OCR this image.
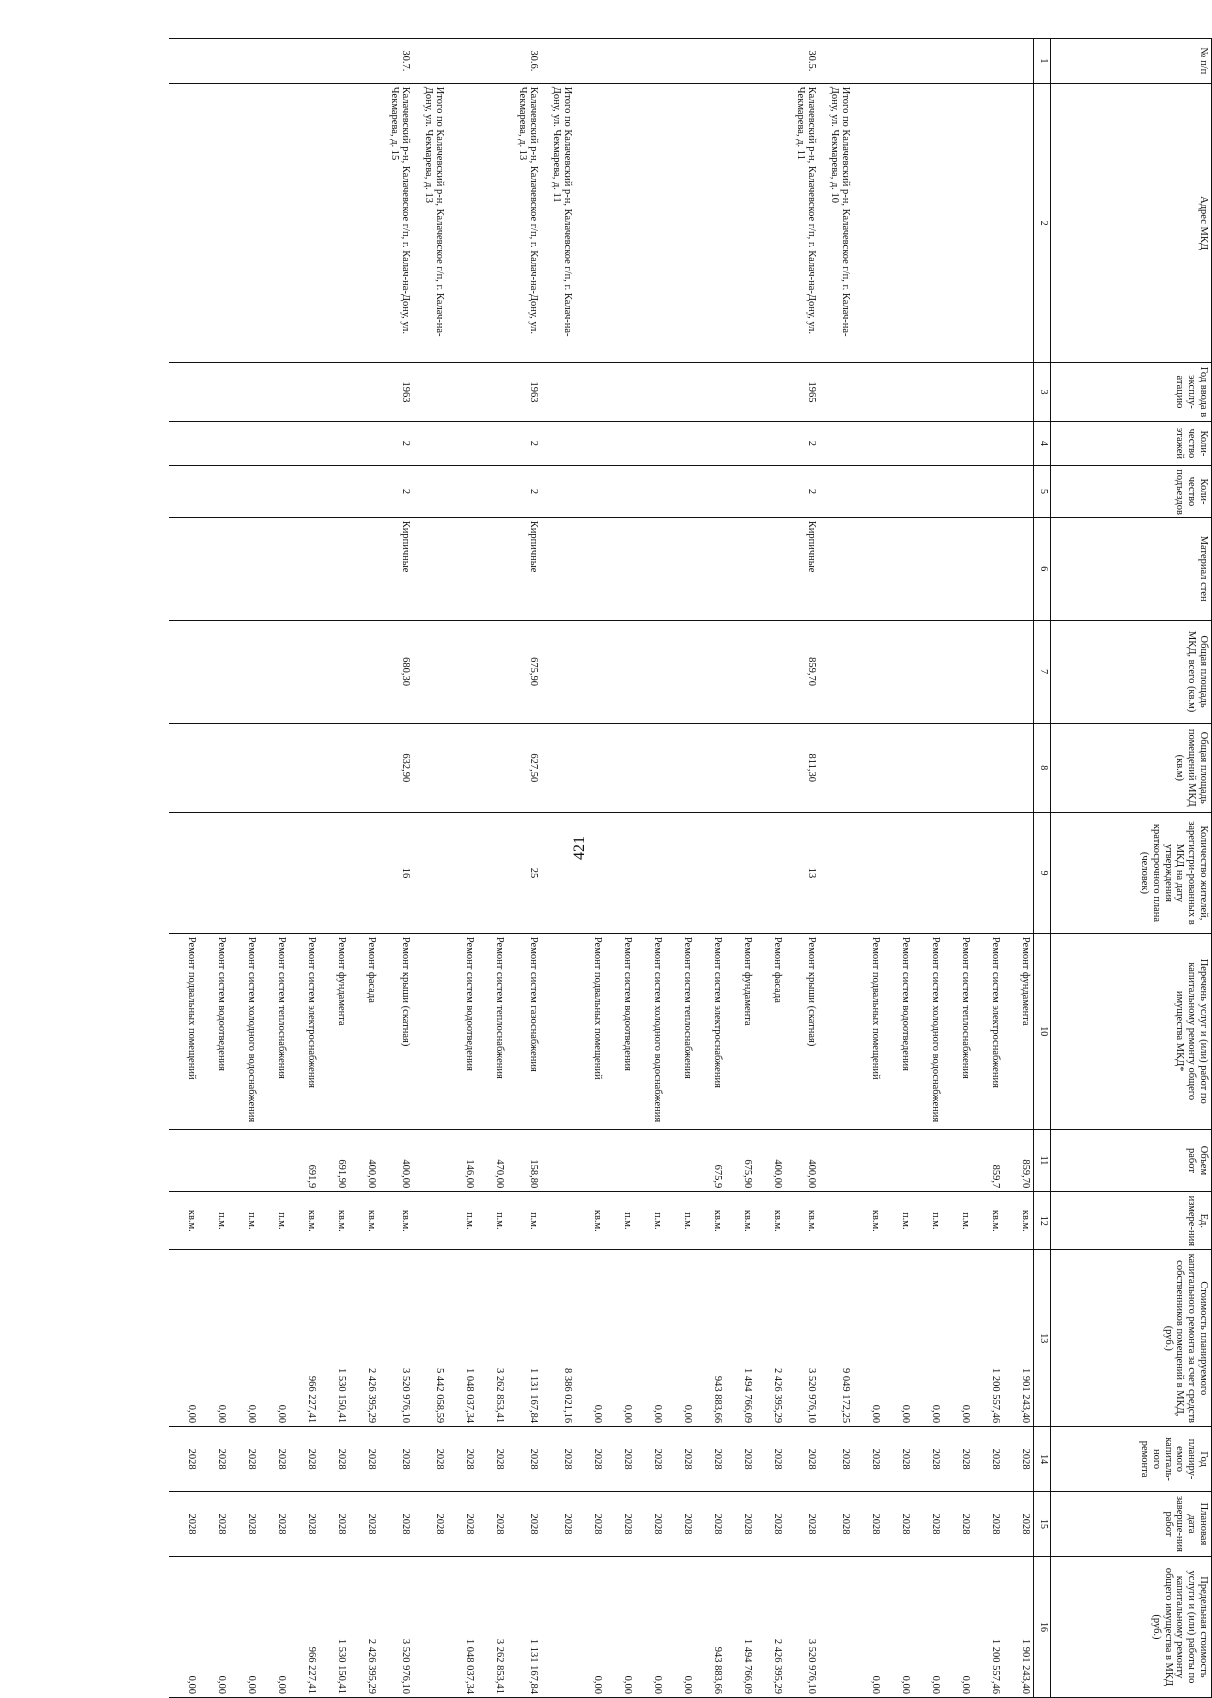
421
№ п/п	Адрес МКД	Год ввода в эксплу-атацию	Коли-чество этажей	Коли-чество подъездов	Материал стен	Общая площадь МКД, всего (кв.м)	Общая площадь помещений МКД (кв.м)	Количество жителей, зарегистри-рованных в МКД на дату утверждения краткосрочного плана (человек)	Перечень услуг и (или) работ по капитальному ремонту общего имущества МКД*	Объем работ	Ед. измере-ния	Стоимость планируемого капитального ремонта за счет средств собственников помещений в МКД, (руб.)	Год планиру-емого капиталь-ного ремонта	Плановая дата заверше-ния работ	Предельная стоимость услуги и (или) работы по капитальному ремонту общего имущества в МКД (руб.)
1	2	3	4	5	6	7	8	9	10	11	12	13	14	15	16
									Ремонт фундамента	859,70	кв.м.	1 901 243,40	2028	2028	1 901 243,40
									Ремонт систем электроснабжения	859,7	кв.м.	1 200 557,46	2028	2028	1 200 557,46
									Ремонт систем теплоснабжения		п.м.	0,00	2028	2028	0,00
									Ремонт систем холодного водоснабжения		п.м.	0,00	2028	2028	0,00
									Ремонт систем водоотведения		п.м.	0,00	2028	2028	0,00
									Ремонт подвальных помещений		кв.м.	0,00	2028	2028	0,00
	Итого по Калачевский р-н, Калачевское г/п, г. Калач-на-Дону, ул. Чекмарева, д. 10											9 049 172,25	2028	2028	
30.5.	Калачевский р-н, Калачевское г/п, г. Калач-на-Дону, ул. Чекмарева, д. 11	1965	2	2	Кирпичные	859,70	811,30	13	Ремонт крыши (скатная)	400,00	кв.м.	3 520 976,10	2028	2028	3 520 976,10
									Ремонт фасада	400,00	кв.м.	2 426 395,29	2028	2028	2 426 395,29
									Ремонт фундамента	675,90	кв.м.	1 494 766,09	2028	2028	1 494 766,09
									Ремонт систем электроснабжения	675,9	кв.м.	943 883,66	2028	2028	943 883,66
									Ремонт систем теплоснабжения		п.м.	0,00	2028	2028	0,00
									Ремонт систем холодного водоснабжения		п.м.	0,00	2028	2028	0,00
									Ремонт систем водоотведения		п.м.	0,00	2028	2028	0,00
									Ремонт подвальных помещений		кв.м.	0,00	2028	2028	0,00
	Итого по Калачевский р-н, Калачевское г/п, г. Калач-на-Дону, ул. Чекмарева, д. 11											8 386 021,16	2028	2028	
30.6.	Калачевский р-н, Калачевское г/п, г. Калач-на-Дону, ул. Чекмарева, д. 13	1963	2	2	Кирпичные	675,90	627,50	25	Ремонт систем газоснабжения	158,80	п.м.	1 131 167,84	2028	2028	1 131 167,84
									Ремонт систем теплоснабжения	470,00	п.м.	3 262 853,41	2028	2028	3 262 853,41
									Ремонт систем водоотведения	146,00	п.м.	1 048 037,34	2028	2028	1 048 037,34
	Итого по Калачевский р-н, Калачевское г/п, г. Калач-на-Дону, ул. Чекмарева, д. 13											5 442 058,59	2028	2028	
30.7.	Калачевский р-н, Калачевское г/п, г. Калач-на-Дону, ул. Чекмарева, д. 15	1963	2	2	Кирпичные	680,30	632,90	16	Ремонт крыши (скатная)	400,00	кв.м.	3 520 976,10	2028	2028	3 520 976,10
									Ремонт фасада	400,00	кв.м.	2 426 395,29	2028	2028	2 426 395,29
									Ремонт фундамента	691,90	кв.м.	1 530 150,41	2028	2028	1 530 150,41
									Ремонт систем электроснабжения	691,9	кв.м.	966 227,41	2028	2028	966 227,41
									Ремонт систем теплоснабжения		п.м.	0,00	2028	2028	0,00
									Ремонт систем холодного водоснабжения		п.м.	0,00	2028	2028	0,00
									Ремонт систем водоотведения		п.м.	0,00	2028	2028	0,00
									Ремонт подвальных помещений		кв.м.	0,00	2028	2028	0,00
